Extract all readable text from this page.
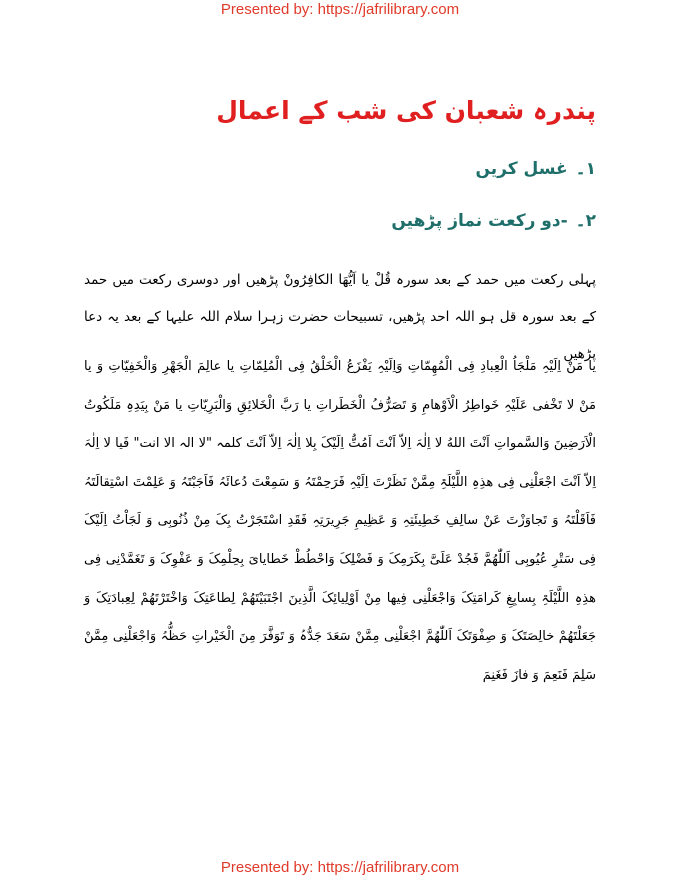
Presented by: https://jafrilibrary.com
پندرہ شعبان کی شب کے اعمال
۱۔غسل کریں
۲۔-دو رکعت نماز پڑھیں

پہلی رکعت میں حمد کے بعد سورہ قُلْ یا اَیُّھَا الکافِرُونْ پڑھیں اور دوسری رکعت میں حمد کے بعد سورہ قل ہو اللہ احد پڑھیں، تسبیحات حضرت زہرا سلام اللہ علیہا کے بعد یہ دعا پڑھیں

یا مَنْ اِلَیْہِ مَلْجَاُ الْعِبادِ فِی الْمُھِمّاتِ وَاِلَیْہِ یَفْزَعُ الْخَلْقُ فِی الْمُلِمّاتِ یا عالِمَ الْجَھْرِ وَالْخَفِیّاتِ وَ یا مَنْ لا تَخْفی عَلَیْہِ خَواطِرُ الْاَوْھامِ وَ تَصَرُّفُ الْخَطَراتِ یا رَبَّ الْخَلائِقِ وَالْبَرِیّاتِ یا مَنْ بِیَدِہِ مَلَکُوتُ الْاَرَضِینَ وَالسَّمواتِ اَنْتَ اللهُ لا اِلٰہَ اِلاّ اَنْتَ اَمُتُّ اِلَیْکَ بِلا اِلٰہَ اِلاّ اَنْتَ کلمہ "لا الہ الا انت" فَیا لا اِلٰہَ اِلاّ اَنْتَ اجْعَلْنِی فِی ھذِہِ اللَّیْلَۃِ مِمَّنْ نَظَرْتَ اِلَیْہِ فَرَحِمْتَہُ وَ سَمِعْتَ دُعائَہُ فَاَجَبْتَہُ وَ عَلِمْتَ اسْتِقالَتَہُ فَاَقَلْتَہُ وَ تَجاوَزْتَ عَنْ سالِفِ خَطِیئَتِہِ وَ عَظِیمِ جَرِیرَتِہِ فَقَدِ اسْتَجَرْتُ بِکَ مِنْ ذُنُوبِی وَ لَجَاْتُ اِلَیْکَ فِی سَتْرِ عُیُوبِی اَللّٰھُمَّ فَجُدْ عَلَیَّ بِکَرَمِکَ وَ فَضْلِکَ وَاحْطُطْ خَطایایَ بِحِلْمِکَ وَ عَفْوِکَ وَ تَغَمَّدْنِی فِی ھذِہِ اللَّیْلَۃِ بِسابِغِ کَرامَتِکَ وَاجْعَلْنِی فِیھا مِنْ اَوْلِیائِکَ الَّذِینَ اجْتَبَیْتَھُمْ لِطاعَتِکَ وَاخْتَرْتَھُمْ لِعِبادَتِکَ وَ جَعَلْتَھُمْ خالِصَتَکَ وَ صِفْوَتَکَ اَللّٰھُمَّ اجْعَلْنِی مِمَّنْ سَعَدَ جَدُّہُ وَ تَوَفَّرَ مِنَ الْخَیْراتِ حَظُّہُ وَاجْعَلْنِی مِمَّنْ سَلِمَ فَنَعِمَ وَ فازَ فَغَنِمَ

Presented by: https://jafrilibrary.com
